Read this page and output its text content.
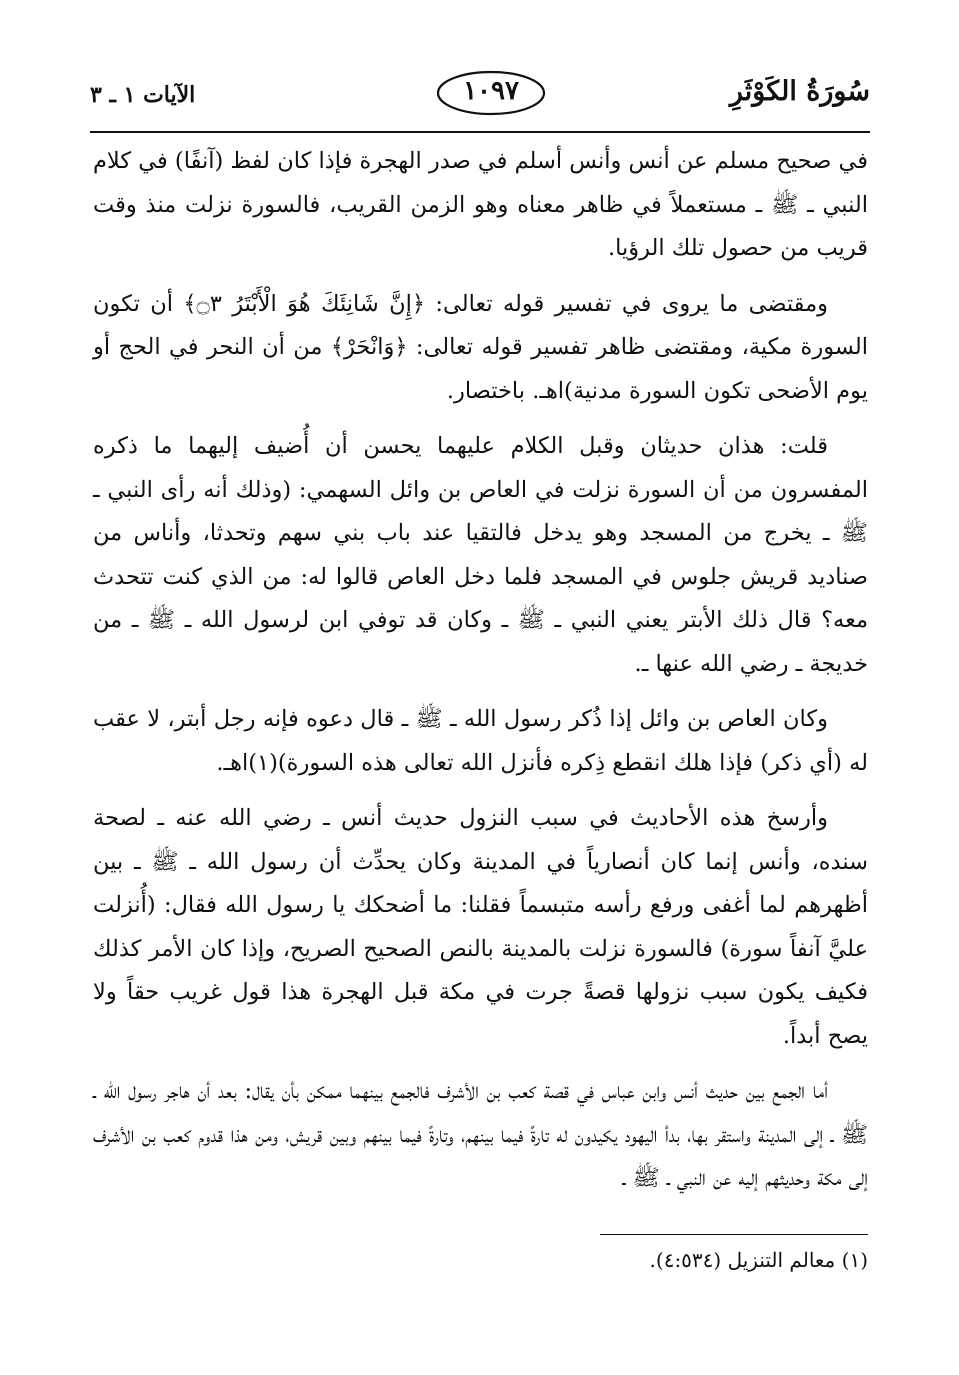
الآيات ١ ـ ٣	١٠٩٧	سُورَةُ الكَوْثَرِ

في صحيح مسلم عن أنس وأنس أسلم في صدر الهجرة فإذا كان لفظ (آنفًا) في كلام النبي ـ ﷺ ـ مستعملاً في ظاهر معناه وهو الزمن القريب، فالسورة نزلت منذ وقت قريب من حصول تلك الرؤيا.

ومقتضى ما يروى في تفسير قوله تعالى: ﴿إِنَّ شَانِئَكَ هُوَ الْأَبْتَرُ ۝٣﴾ أن تكون السورة مكية، ومقتضى ظاهر تفسير قوله تعالى: ﴿وَانْحَرْ﴾ من أن النحر في الحج أو يوم الأضحى تكون السورة مدنية)اهـ. باختصار.

قلت: هذان حديثان وقبل الكلام عليهما يحسن أن أُضيف إليهما ما ذكره المفسرون من أن السورة نزلت في العاص بن وائل السهمي: (وذلك أنه رأى النبي ـ ﷺ ـ يخرج من المسجد وهو يدخل فالتقيا عند باب بني سهم وتحدثا، وأناس من صناديد قريش جلوس في المسجد فلما دخل العاص قالوا له: من الذي كنت تتحدث معه؟ قال ذلك الأبتر يعني النبي ـ ﷺ ـ وكان قد توفي ابن لرسول الله ـ ﷺ ـ من خديجة ـ رضي الله عنها ـ.

وكان العاص بن وائل إذا ذُكر رسول الله ـ ﷺ ـ قال دعوه فإنه رجل أبتر، لا عقب له (أي ذكر) فإذا هلك انقطع ذِكره فأنزل الله تعالى هذه السورة)(١)اهـ.

وأرسخ هذه الأحاديث في سبب النزول حديث أنس ـ رضي الله عنه ـ لصحة سنده، وأنس إنما كان أنصارياً في المدينة وكان يحدِّث أن رسول الله ـ ﷺ ـ بين أظهرهم لما أغفى ورفع رأسه متبسماً فقلنا: ما أضحكك يا رسول الله فقال: (أُنزلت عليَّ آنفاً سورة) فالسورة نزلت بالمدينة بالنص الصحيح الصريح، وإذا كان الأمر كذلك فكيف يكون سبب نزولها قصةً جرت في مكة قبل الهجرة هذا قول غريب حقاً ولا يصح أبداً.

أما الجمع بين حديث أنس وابن عباس في قصة كعب بن الأشرف فالجمع بينهما ممكن بأن يقال: بعد أن هاجر رسول الله ـ ﷺ ـ إلى المدينة واستقر بها، بدأ اليهود يكيدون له تارةً فيما بينهم، وتارةً فيما بينهم وبين قريش، ومن هذا قدوم كعب بن الأشرف إلى مكة وحديثهم إليه عن النبي ـ ﷺ ـ

(١) معالم التنزيل (٤:٥٣٤).
